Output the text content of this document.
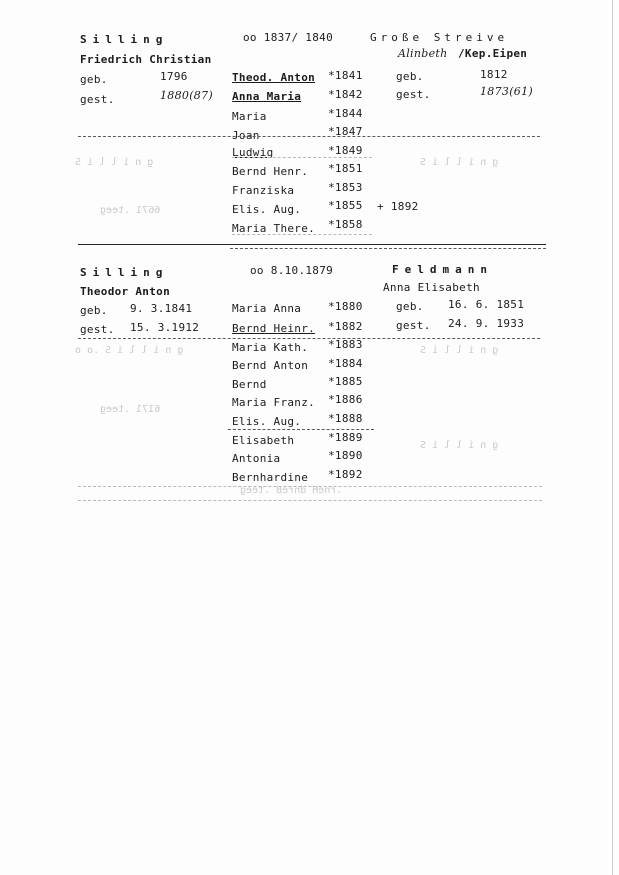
g n i l l i S	g n i l l i S
6671 .teeg
g n i l l i S .o o	g n i l l i S
6171 .teeg
g n i l l i S
.rneH dnreB .teeg
Silling	oo 1837/ 1840	Große Streive
Friedrich Christian	Alinbeth /Kep.Eipen
geb.	1796
gest.	1880(87)
geb.	1812
gest.	1873(61)
Theod. Anton *1841
Anna Maria *1842
Maria	*1844
Joan	*1847
Ludwig	*1849
Bernd Henr. *1851
Franziska	*1853
Elis. Aug. *1855 + 1892
Maria There. *1858
Silling	oo 8.10.1879	Feldmann
Theodor Anton	Anna Elisabeth
geb. 9. 3.1841
gest. 15. 3.1912
geb. 16. 6. 1851
gest. 24. 9. 1933
Maria Anna *1880
Bernd Heinr. *1882
Maria Kath. *1883
Bernd Anton *1884
Bernd	*1885
Maria Franz. *1886
Elis. Aug. *1888
Elisabeth	*1889
Antonia	*1890
Bernhardine *1892
